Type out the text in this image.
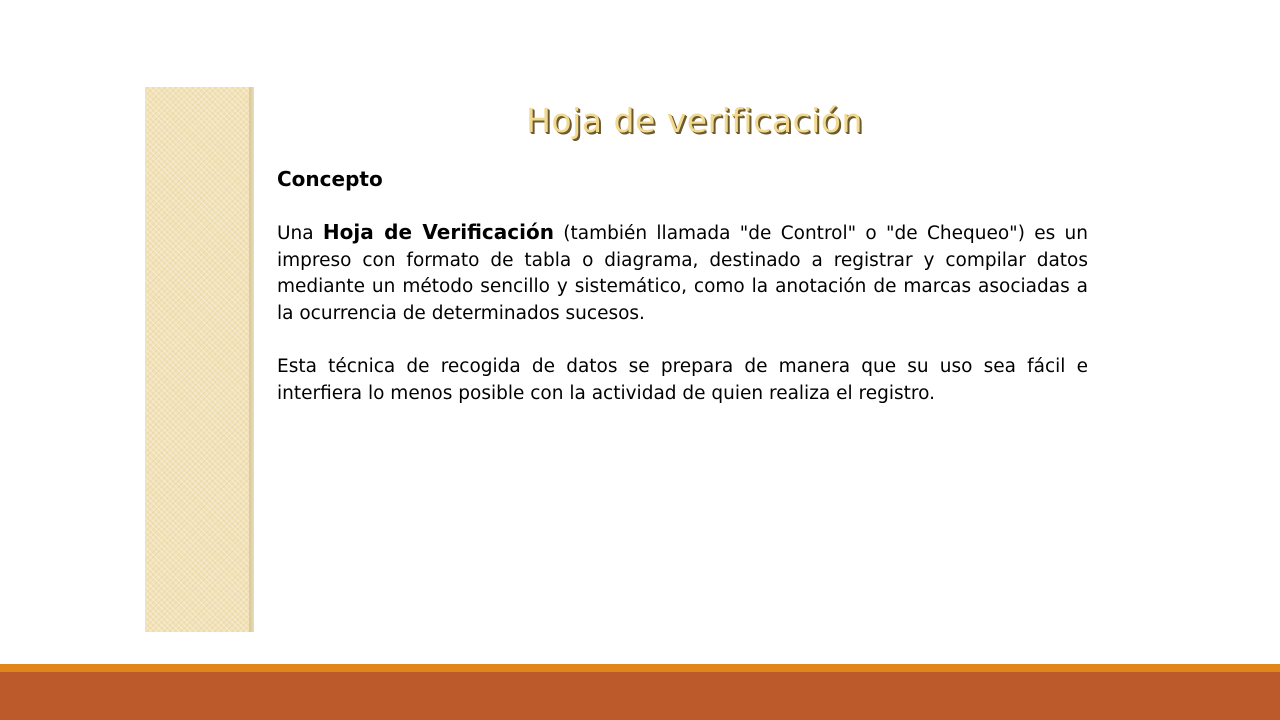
Hoja de verificación
Concepto

Una Hoja de Verificación (también llamada "de Control" o "de Chequeo") es un impreso con formato de tabla o diagrama, destinado a registrar y compilar datos mediante un método sencillo y sistemático, como la anotación de marcas asociadas a la ocurrencia de determinados sucesos.

Esta técnica de recogida de datos se prepara de manera que su uso sea fácil e interfiera lo menos posible con la actividad de quien realiza el registro.
